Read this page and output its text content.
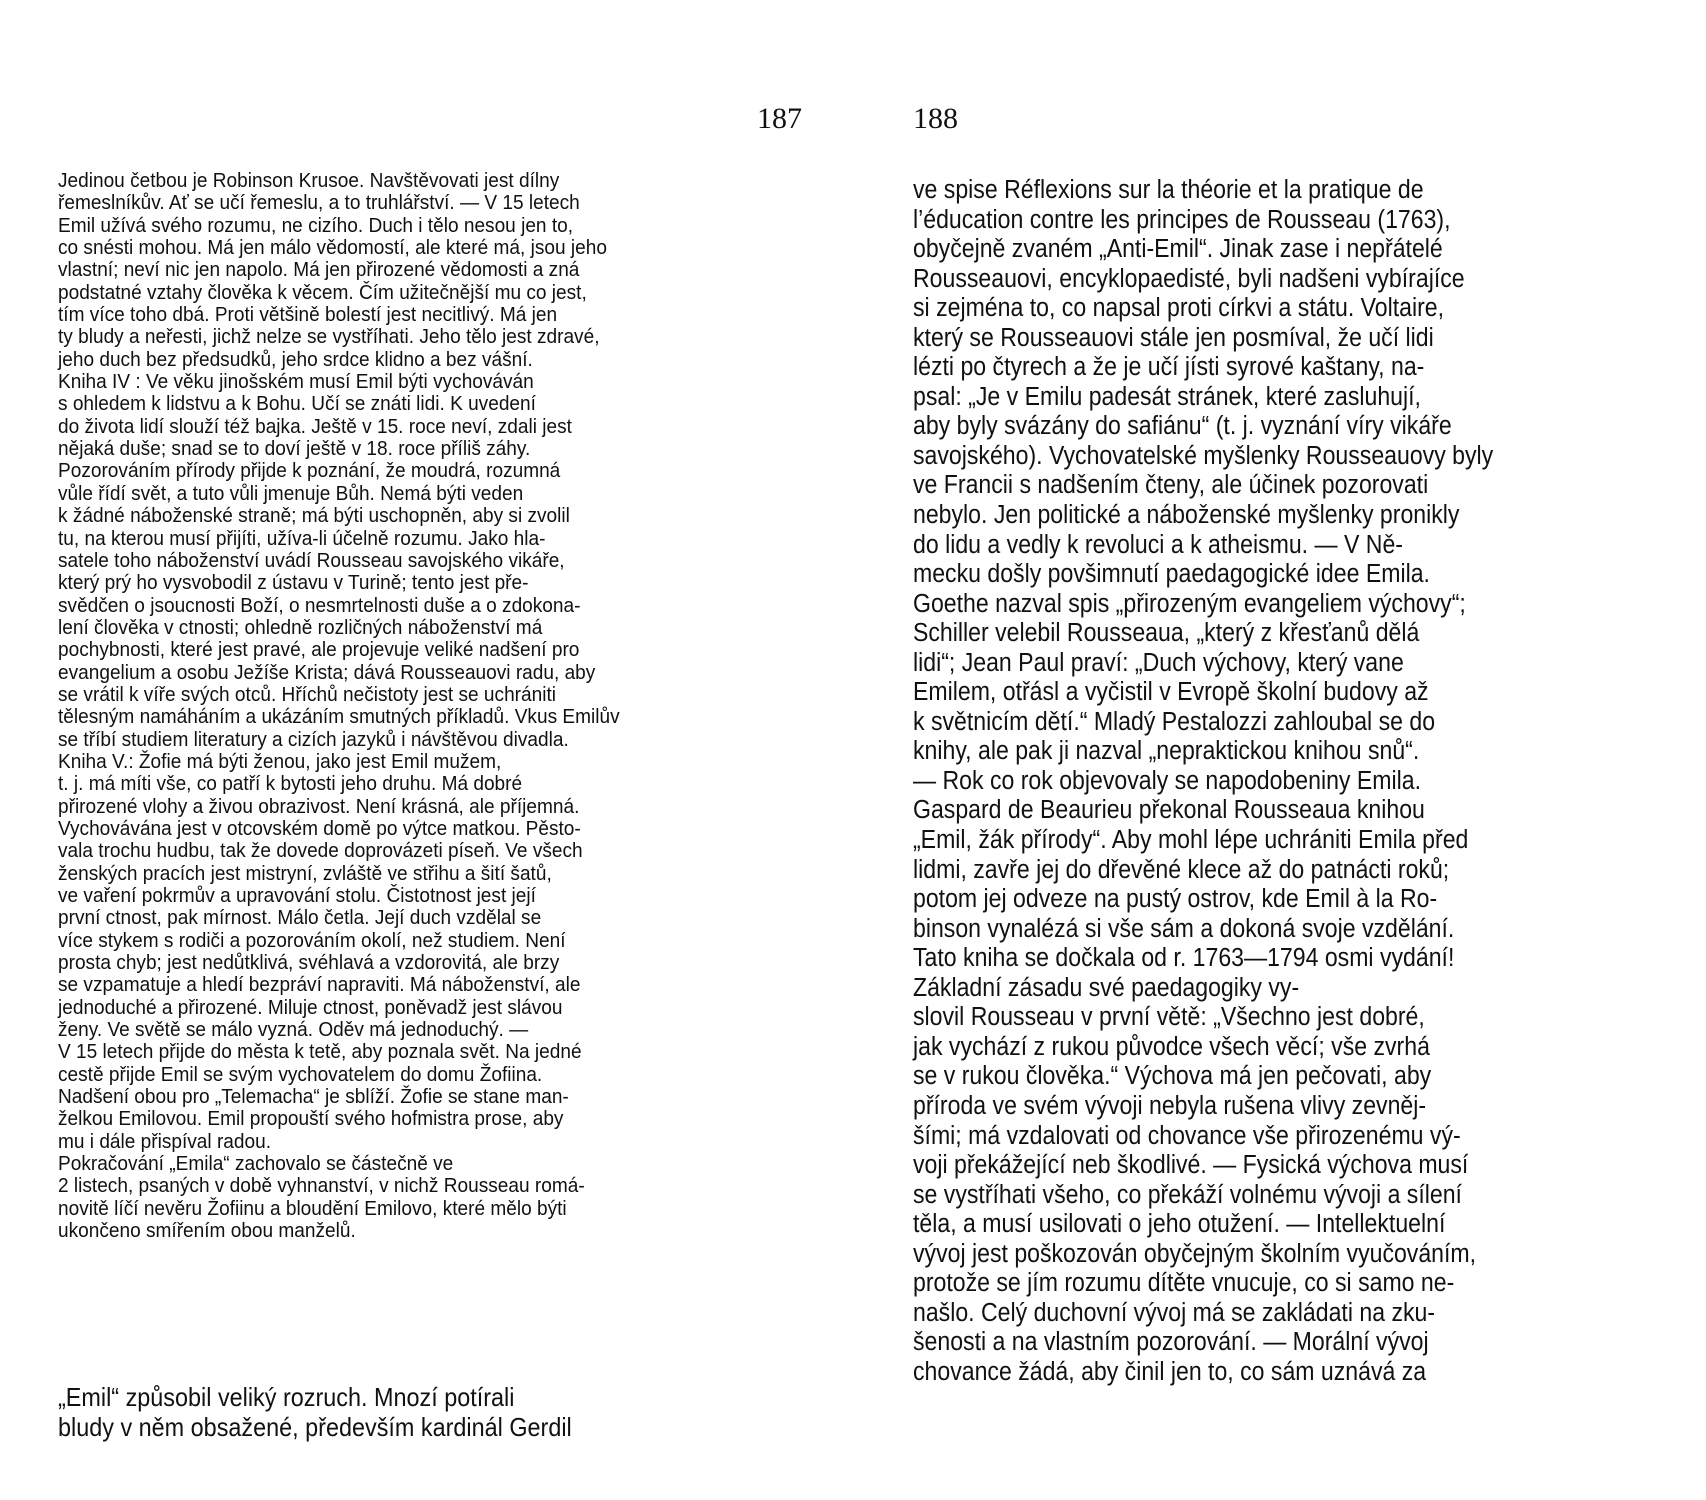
187
Jedinou četbou je Robinson Krusoe. Navštěvovati jest dílny
řemeslníkův. Ať se učí řemeslu, a to truhlářství. — V 15 letech
Emil užívá svého rozumu, ne cizího. Duch i tělo nesou jen to,
co snésti mohou. Má jen málo vědomostí, ale které má, jsou jeho
vlastní; neví nic jen napolo. Má jen přirozené vědomosti a zná
podstatné vztahy člověka k věcem. Čím užitečnější mu co jest,
tím více toho dbá. Proti většině bolestí jest necitlivý. Má jen
ty bludy a neřesti, jichž nelze se vystříhati. Jeho tělo jest zdravé,
jeho duch bez předsudků, jeho srdce klidno a bez vášní.
Kniha IV : Ve věku jinošském musí Emil býti vychováván
s ohledem k lidstvu a k Bohu. Učí se znáti lidi. K uvedení
do života lidí slouží též bajka. Ještě v 15. roce neví, zdali jest
nějaká duše; snad se to doví ještě v 18. roce příliš záhy.
Pozorováním přírody přijde k poznání, že moudrá, rozumná
vůle řídí svět, a tuto vůli jmenuje Bůh. Nemá býti veden
k žádné náboženské straně; má býti uschopněn, aby si zvolil
tu, na kterou musí přijíti, užíva-li účelně rozumu. Jako hla-
satele toho náboženství uvádí Rousseau savojského vikáře,
který prý ho vysvobodil z ústavu v Turině; tento jest pře-
svědčen o jsoucnosti Boží, o nesmrtelnosti duše a o zdokona-
lení člověka v ctnosti; ohledně rozličných náboženství má
pochybnosti, které jest pravé, ale projevuje veliké nadšení pro
evangelium a osobu Ježíše Krista; dává Rousseauovi radu, aby
se vrátil k víře svých otců. Hříchů nečistoty jest se uchrániti
tělesným namáháním a ukázáním smutných příkladů. Vkus Emilův
se tříbí studiem literatury a cizích jazyků i návštěvou divadla.
Kniha V.: Žofie má býti ženou, jako jest Emil mužem,
t. j. má míti vše, co patří k bytosti jeho druhu. Má dobré
přirozené vlohy a živou obrazivost. Není krásná, ale příjemná.
Vychovávána jest v otcovském domě po výtce matkou. Pěsto-
vala trochu hudbu, tak že dovede doprovázeti píseň. Ve všech
ženských pracích jest mistryní, zvláště ve střihu a šití šatů,
ve vaření pokrmův a upravování stolu. Čistotnost jest její
první ctnost, pak mírnost. Málo četla. Její duch vzdělal se
více stykem s rodiči a pozorováním okolí, než studiem. Není
prosta chyb; jest nedůtklivá, svéhlavá a vzdorovitá, ale brzy
se vzpamatuje a hledí bezpráví napraviti. Má náboženství, ale
jednoduché a přirozené. Miluje ctnost, poněvadž jest slávou
ženy. Ve světě se málo vyzná. Oděv má jednoduchý. —
V 15 letech přijde do města k tetě, aby poznala svět. Na jedné
cestě přijde Emil se svým vychovatelem do domu Žofiina.
Nadšení obou pro „Telemacha“ je sblíží. Žofie se stane man-
želkou Emilovou. Emil propouští svého hofmistra prose, aby
mu i dále přispíval radou.
Pokračování „Emila“ zachovalo se částečně ve
2 listech, psaných v době vyhnanství, v nichž Rousseau romá-
novitě líčí nevěru Žofiinu a bloudění Emilovo, které mělo býti
ukončeno smířením obou manželů.
„Emil“ způsobil veliký rozruch. Mnozí potírali
bludy v něm obsažené, především kardinál Gerdil
188
ve spise Réflexions sur la théorie et la pratique de
l’éducation contre les principes de Rousseau (1763),
obyčejně zvaném „Anti-Emil“. Jinak zase i nepřátelé
Rousseauovi, encyklopaedisté, byli nadšeni vybírajíce
si zejména to, co napsal proti církvi a státu. Voltaire,
který se Rousseauovi stále jen posmíval, že učí lidi
lézti po čtyrech a že je učí jísti syrové kaštany, na-
psal: „Je v Emilu padesát stránek, které zasluhují,
aby byly svázány do safiánu“ (t. j. vyznání víry vikáře
savojského). Vychovatelské myšlenky Rousseauovy byly
ve Francii s nadšením čteny, ale účinek pozorovati
nebylo. Jen politické a náboženské myšlenky pronikly
do lidu a vedly k revoluci a k atheismu. — V Ně-
mecku došly povšimnutí paedagogické idee Emila.
Goethe nazval spis „přirozeným evangeliem výchovy“;
Schiller velebil Rousseaua, „který z křesťanů dělá
lidi“; Jean Paul praví: „Duch výchovy, který vane
Emilem, otřásl a vyčistil v Evropě školní budovy až
k světnicím dětí.“ Mladý Pestalozzi zahloubal se do
knihy, ale pak ji nazval „nepraktickou knihou snů“.
— Rok co rok objevovaly se napodobeniny Emila.
Gaspard de Beaurieu překonal Rousseaua knihou
„Emil, žák přírody“. Aby mohl lépe uchrániti Emila před
lidmi, zavře jej do dřevěné klece až do patnácti roků;
potom jej odveze na pustý ostrov, kde Emil à la Ro-
binson vynalézá si vše sám a dokoná svoje vzdělání.
Tato kniha se dočkala od r. 1763—1794 osmi vydání!
Základní zásadu své paedagogiky vy-
slovil Rousseau v první větě: „Všechno jest dobré,
jak vychází z rukou původce všech věcí; vše zvrhá
se v rukou člověka.“ Výchova má jen pečovati, aby
příroda ve svém vývoji nebyla rušena vlivy zevněj-
šími; má vzdalovati od chovance vše přirozenému vý-
voji překážející neb škodlivé. — Fysická výchova musí
se vystříhati všeho, co překáží volnému vývoji a sílení
těla, a musí usilovati o jeho otužení. — Intellektuelní
vývoj jest poškozován obyčejným školním vyučováním,
protože se jím rozumu dítěte vnucuje, co si samo ne-
našlo. Celý duchovní vývoj má se zakládati na zku-
šenosti a na vlastním pozorování. — Morální vývoj
chovance žádá, aby činil jen to, co sám uznává za
